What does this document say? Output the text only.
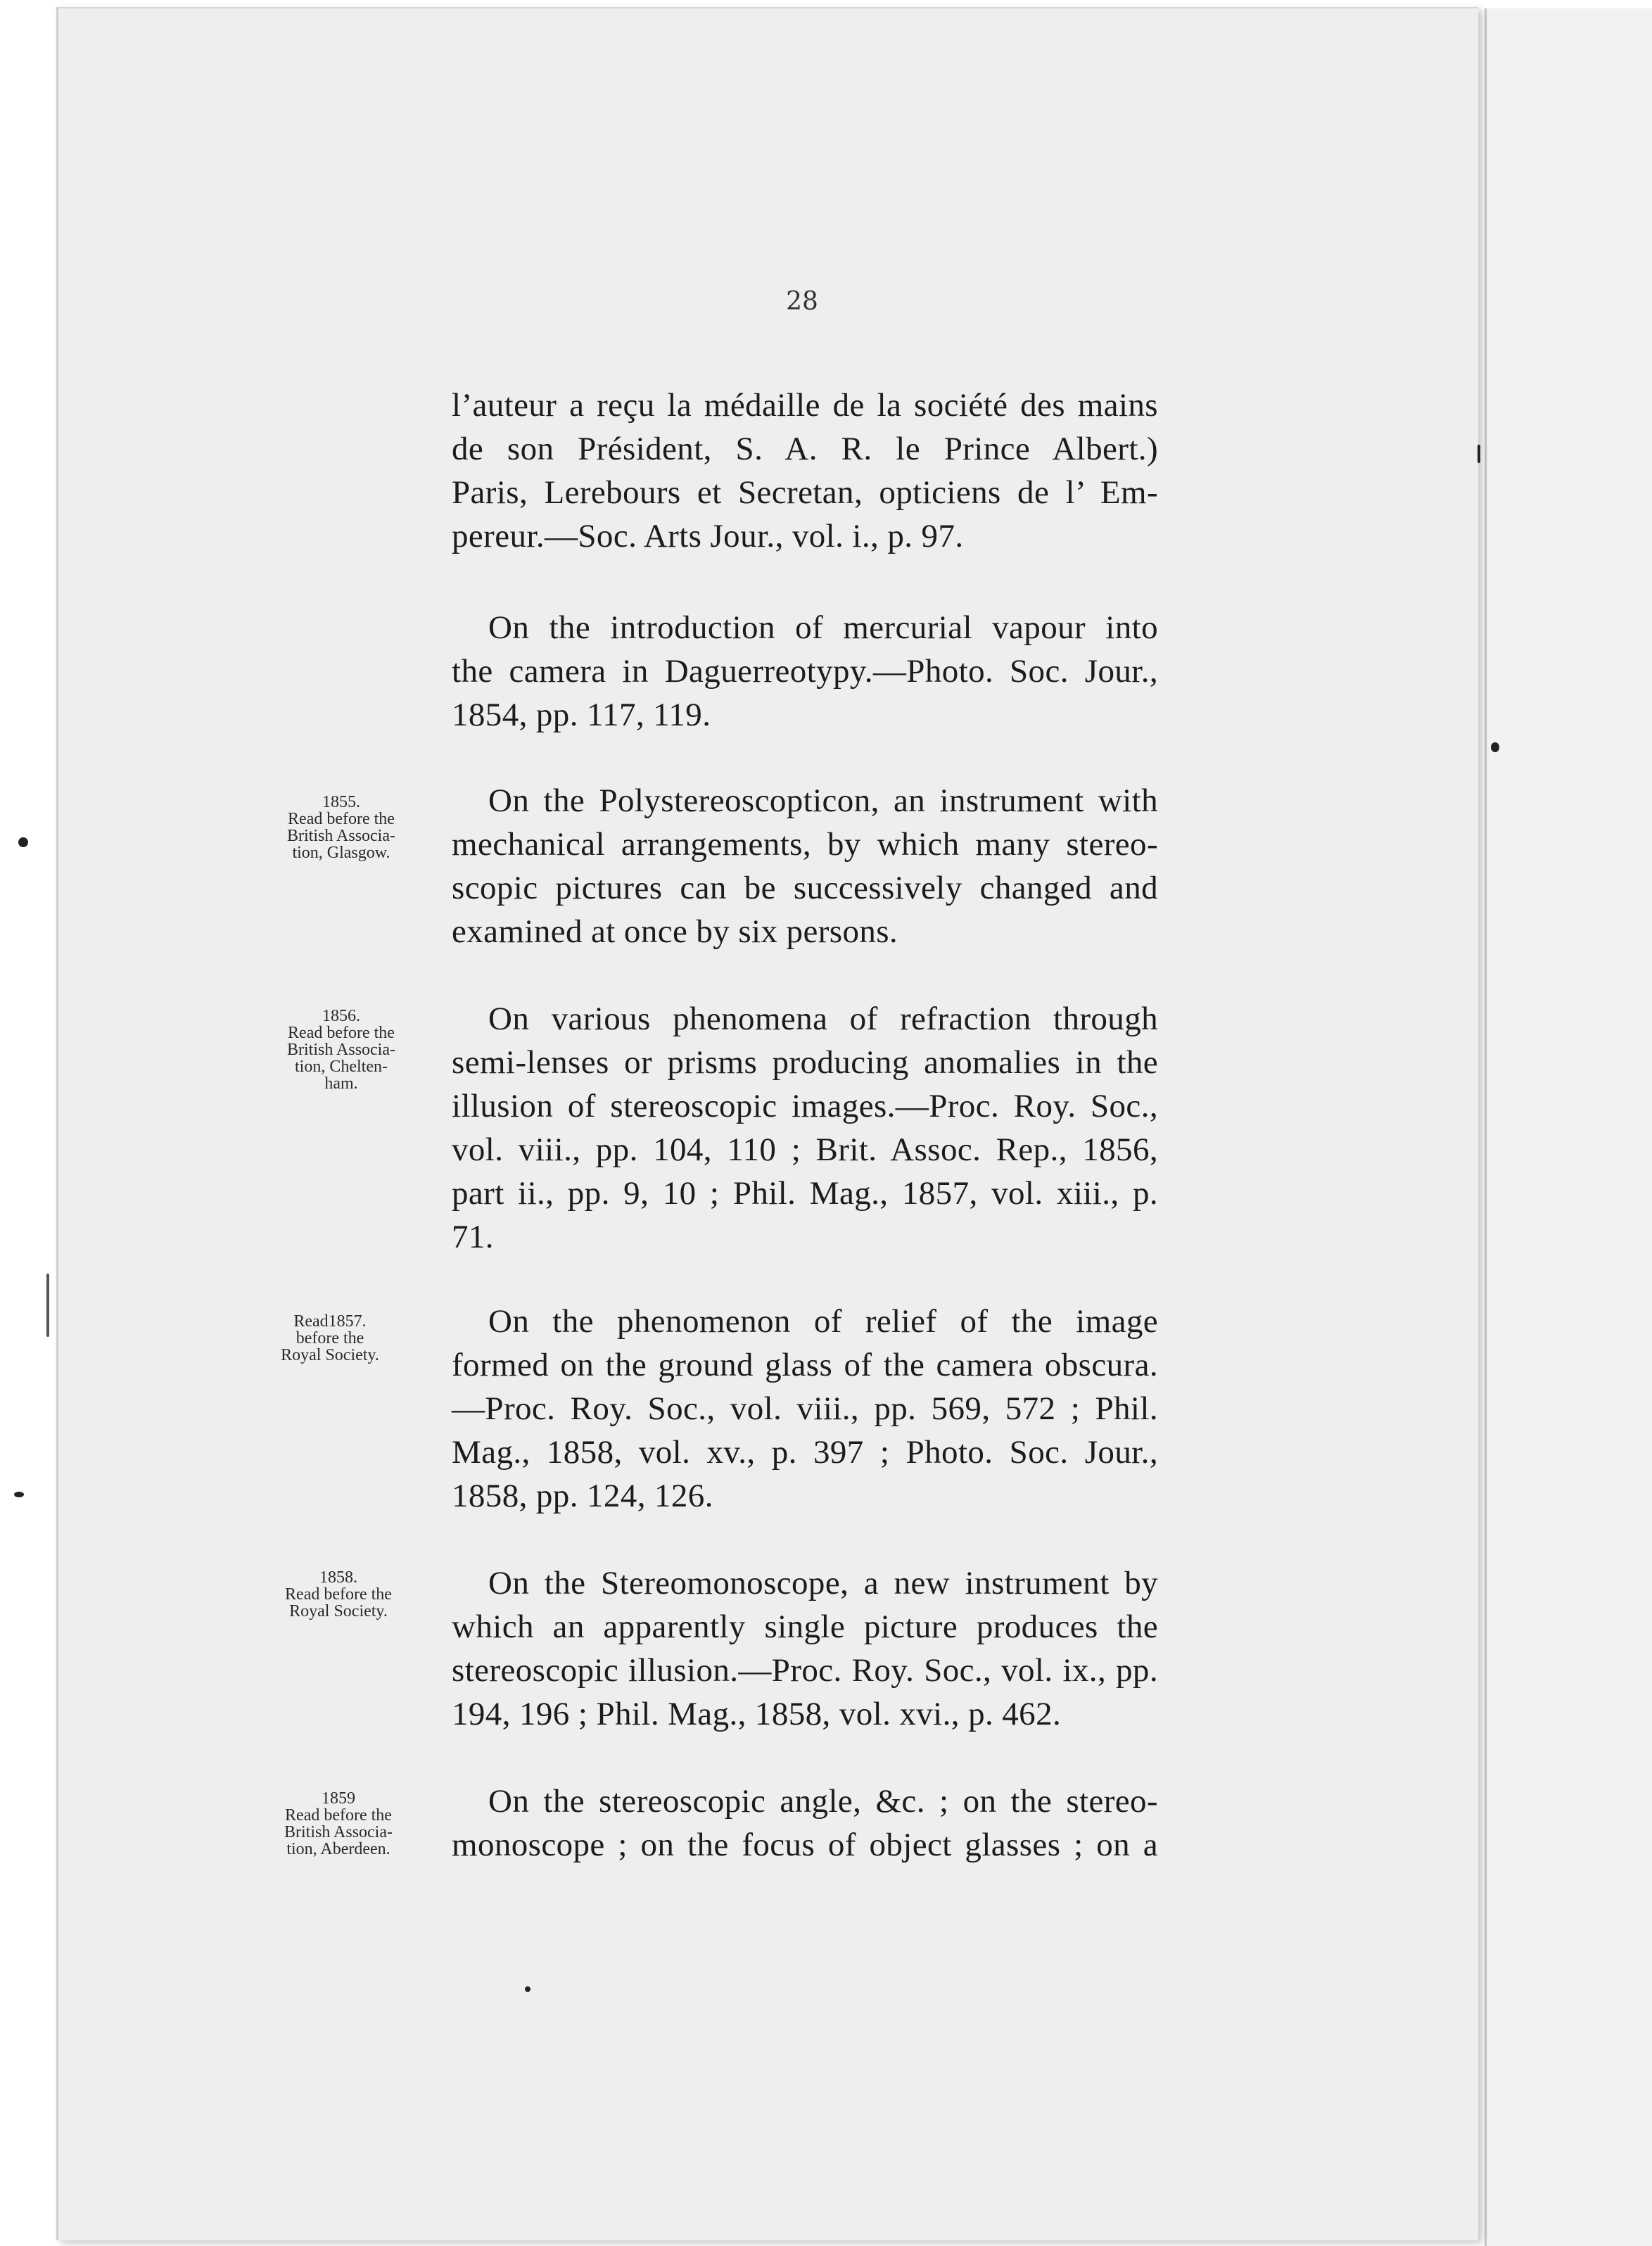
28
l’auteur a reçu la médaille de la société des mains
de son Président, S. A. R. le Prince Albert.)
Paris, Lerebours et Secretan, opticiens de l’ Em-
pereur.—Soc. Arts Jour., vol. i., p. 97.
On the introduction of mercurial vapour into
the camera in Daguerreotypy.—Photo. Soc. Jour.,
1854, pp. 117, 119.
1855.
Read before the
British Associa-
tion, Glasgow.
On the Polystereoscopticon, an instrument with
mechanical arrangements, by which many stereo-
scopic pictures can be successively changed and
examined at once by six persons.
1856.
Read before the
British Associa-
tion, Chelten-
ham.
On various phenomena of refraction through
semi-lenses or prisms producing anomalies in the
illusion of stereoscopic images.—Proc. Roy. Soc.,
vol. viii., pp. 104, 110 ; Brit. Assoc. Rep., 1856,
part ii., pp. 9, 10 ; Phil. Mag., 1857, vol. xiii., p.
71.
Read1857.
before the
Royal Society.
On the phenomenon of relief of the image
formed on the ground glass of the camera obscura.
—Proc. Roy. Soc., vol. viii., pp. 569, 572 ; Phil.
Mag., 1858, vol. xv., p. 397 ; Photo. Soc. Jour.,
1858, pp. 124, 126.
1858.
Read before the
Royal Society.
On the Stereomonoscope, a new instrument by
which an apparently single picture produces the
stereoscopic illusion.—Proc. Roy. Soc., vol. ix., pp.
194, 196 ; Phil. Mag., 1858, vol. xvi., p. 462.
1859
Read before the
British Associa-
tion, Aberdeen.
On the stereoscopic angle, &c. ; on the stereo-
monoscope ; on the focus of object glasses ; on a
